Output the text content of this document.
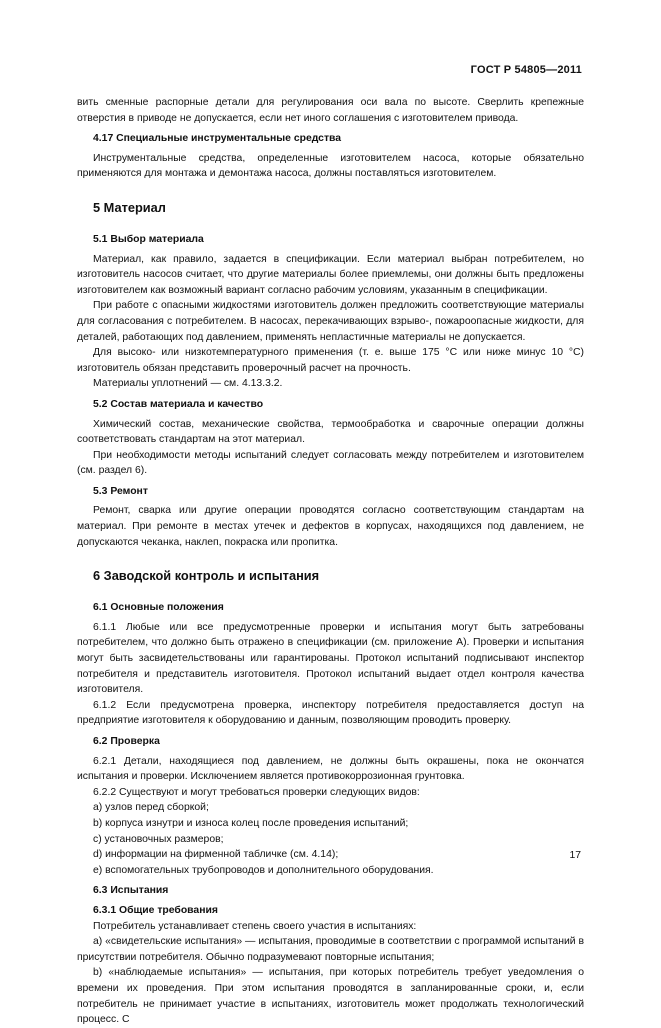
ГОСТ Р 54805—2011

вить сменные распорные детали для регулирования оси вала по высоте. Сверлить крепежные отверстия в приводе не допускается, если нет иного соглашения с изготовителем привода.

4.17 Специальные инструментальные средства

Инструментальные средства, определенные изготовителем насоса, которые обязательно применяются для монтажа и демонтажа насоса, должны поставляться изготовителем.

5 Материал
5.1 Выбор материала

Материал, как правило, задается в спецификации. Если материал выбран потребителем, но изготовитель насосов считает, что другие материалы более приемлемы, они должны быть предложены изготовителем как возможный вариант согласно рабочим условиям, указанным в спецификации.

При работе с опасными жидкостями изготовитель должен предложить соответствующие материалы для согласования с потребителем. В насосах, перекачивающих взрыво-, пожароопасные жидкости, для деталей, работающих под давлением, применять непластичные материалы не допускается.

Для высоко- или низкотемпературного применения (т. е. выше 175 °С или ниже минус 10 °С) изготовитель обязан представить проверочный расчет на прочность.

Материалы уплотнений — см. 4.13.3.2.

5.2 Состав материала и качество

Химический состав, механические свойства, термообработка и сварочные операции должны соответствовать стандартам на этот материал.

При необходимости методы испытаний следует согласовать между потребителем и изготовителем (см. раздел 6).

5.3 Ремонт

Ремонт, сварка или другие операции проводятся согласно соответствующим стандартам на материал. При ремонте в местах утечек и дефектов в корпусах, находящихся под давлением, не допускаются чеканка, наклеп, покраска или пропитка.

6 Заводской контроль и испытания
6.1 Основные положения

6.1.1 Любые или все предусмотренные проверки и испытания могут быть затребованы потребителем, что должно быть отражено в спецификации (см. приложение А). Проверки и испытания могут быть засвидетельствованы или гарантированы. Протокол испытаний подписывают инспектор потребителя и представитель изготовителя. Протокол испытаний выдает отдел контроля качества изготовителя.

6.1.2 Если предусмотрена проверка, инспектору потребителя предоставляется доступ на предприятие изготовителя к оборудованию и данным, позволяющим проводить проверку.

6.2 Проверка

6.2.1 Детали, находящиеся под давлением, не должны быть окрашены, пока не окончатся испытания и проверки. Исключением является противокоррозионная грунтовка.

6.2.2 Существуют и могут требоваться проверки следующих видов:

а) узлов перед сборкой;

b) корпуса изнутри и износа колец после проведения испытаний;

с) установочных размеров;

d) информации на фирменной табличке (см. 4.14);

е) вспомогательных трубопроводов и дополнительного оборудования.

6.3 Испытания
6.3.1 Общие требования

Потребитель устанавливает степень своего участия в испытаниях:

а) «свидетельские испытания» — испытания, проводимые в соответствии с программой испытаний в присутствии потребителя. Обычно подразумевают повторные испытания;

b) «наблюдаемые испытания» — испытания, при которых потребитель требует уведомления о времени их проведения. При этом испытания проводятся в запланированные сроки, и, если потребитель не принимает участие в испытаниях, изготовитель может продолжать технологический процесс. С

17
